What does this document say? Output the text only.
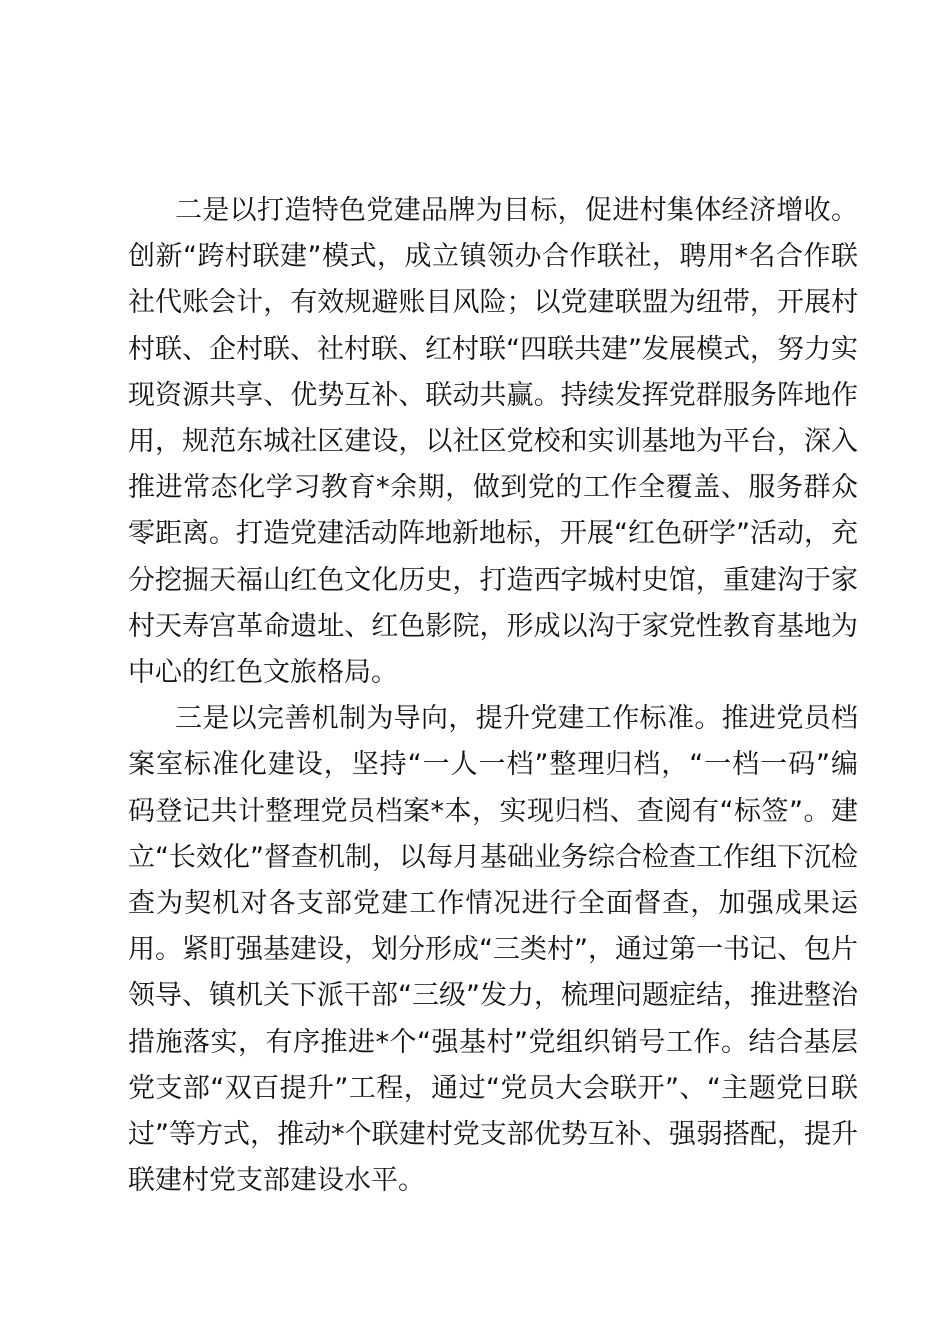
二是以打造特色党建品牌为目标，促进村集体经济增收。创新“跨村联建”模式，成立镇领办合作联社，聘用*名合作联社代账会计，有效规避账目风险；以党建联盟为纽带，开展村村联、企村联、社村联、红村联“四联共建”发展模式，努力实现资源共享、优势互补、联动共赢。持续发挥党群服务阵地作用，规范东城社区建设，以社区党校和实训基地为平台，深入推进常态化学习教育*余期，做到党的工作全覆盖、服务群众零距离。打造党建活动阵地新地标，开展“红色研学”活动，充分挖掘天福山红色文化历史，打造西字城村史馆，重建沟于家村天寿宫革命遗址、红色影院，形成以沟于家党性教育基地为中心的红色文旅格局。

三是以完善机制为导向，提升党建工作标准。推进党员档案室标准化建设，坚持“一人一档”整理归档，“一档一码”编码登记共计整理党员档案*本，实现归档、查阅有“标签”。建立“长效化”督查机制，以每月基础业务综合检查工作组下沉检查为契机对各支部党建工作情况进行全面督查，加强成果运用。紧盯强基建设，划分形成“三类村”，通过第一书记、包片领导、镇机关下派干部“三级”发力，梳理问题症结，推进整治措施落实，有序推进*个“强基村”党组织销号工作。结合基层党支部“双百提升”工程，通过“党员大会联开”、“主题党日联过”等方式，推动*个联建村党支部优势互补、强弱搭配，提升联建村党支部建设水平。
